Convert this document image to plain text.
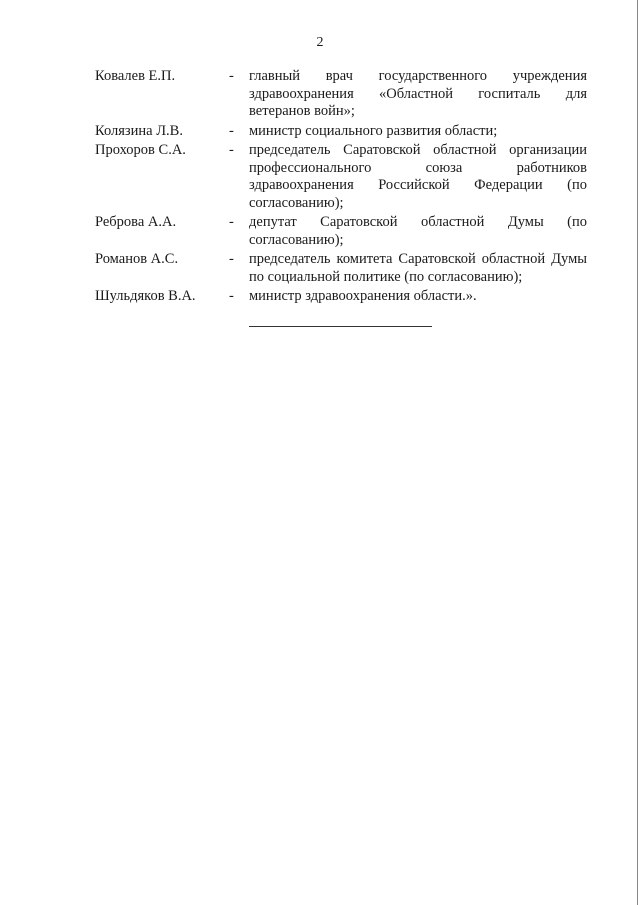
2
Ковалев Е.П.	-	главный врач государственного учреждения здравоохранения «Областной госпиталь для ветеранов войн»;
Колязина Л.В.	-	министр социального развития области;
Прохоров С.А.	-	председатель Саратовской областной организации профессионального союза работников здравоохранения Российской Федерации (по согласованию);
Реброва А.А.	-	депутат Саратовской областной Думы (по согласованию);
Романов А.С.	-	председатель комитета Саратовской областной Думы по социальной политике (по согласованию);
Шульдяков В.А.	-	министр здравоохранения области.».
